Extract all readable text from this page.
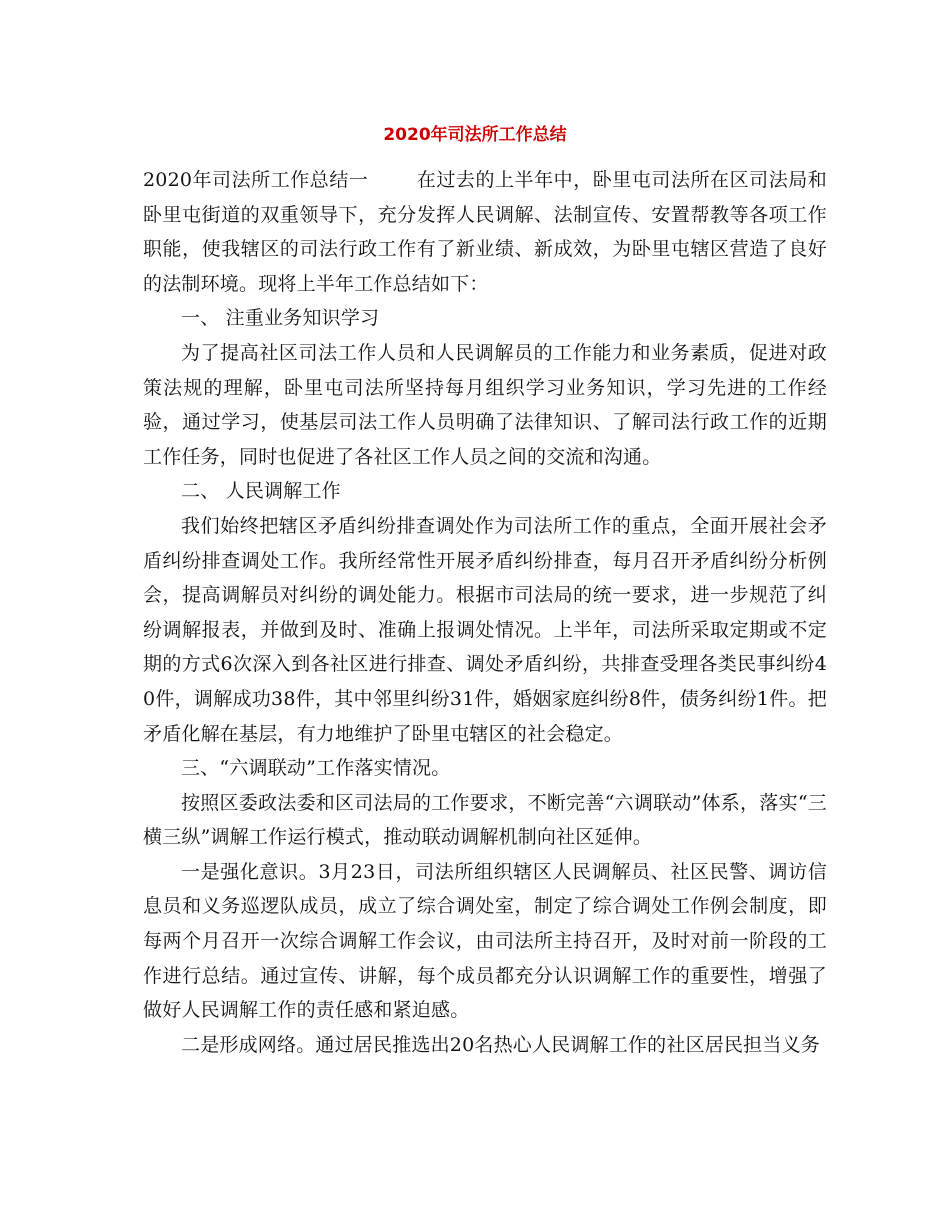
2020年司法所工作总结

2020年司法所工作总结一	在过去的上半年中，卧里屯司法所在区司法局和卧里屯街道的双重领导下，充分发挥人民调解、法制宣传、安置帮教等各项工作职能，使我辖区的司法行政工作有了新业绩、新成效，为卧里屯辖区营造了良好的法制环境。现将上半年工作总结如下：

一、 注重业务知识学习

为了提高社区司法工作人员和人民调解员的工作能力和业务素质，促进对政策法规的理解，卧里屯司法所坚持每月组织学习业务知识，学习先进的工作经验，通过学习，使基层司法工作人员明确了法律知识、了解司法行政工作的近期工作任务，同时也促进了各社区工作人员之间的交流和沟通。

二、 人民调解工作

我们始终把辖区矛盾纠纷排查调处作为司法所工作的重点，全面开展社会矛盾纠纷排查调处工作。我所经常性开展矛盾纠纷排查，每月召开矛盾纠纷分析例会，提高调解员对纠纷的调处能力。根据市司法局的统一要求，进一步规范了纠纷调解报表，并做到及时、准确上报调处情况。上半年，司法所采取定期或不定期的方式6次深入到各社区进行排查、调处矛盾纠纷，共排查受理各类民事纠纷40件，调解成功38件，其中邻里纠纷31件，婚姻家庭纠纷8件，债务纠纷1件。把矛盾化解在基层，有力地维护了卧里屯辖区的社会稳定。

三、“六调联动”工作落实情况。

按照区委政法委和区司法局的工作要求，不断完善“六调联动”体系，落实“三横三纵”调解工作运行模式，推动联动调解机制向社区延伸。

一是强化意识。3月23日，司法所组织辖区人民调解员、社区民警、调访信息员和义务巡逻队成员，成立了综合调处室，制定了综合调处工作例会制度，即每两个月召开一次综合调解工作会议，由司法所主持召开，及时对前一阶段的工作进行总结。通过宣传、讲解，每个成员都充分认识调解工作的重要性，增强了做好人民调解工作的责任感和紧迫感。

二是形成网络。通过居民推选出20名热心人民调解工作的社区居民担当义务
